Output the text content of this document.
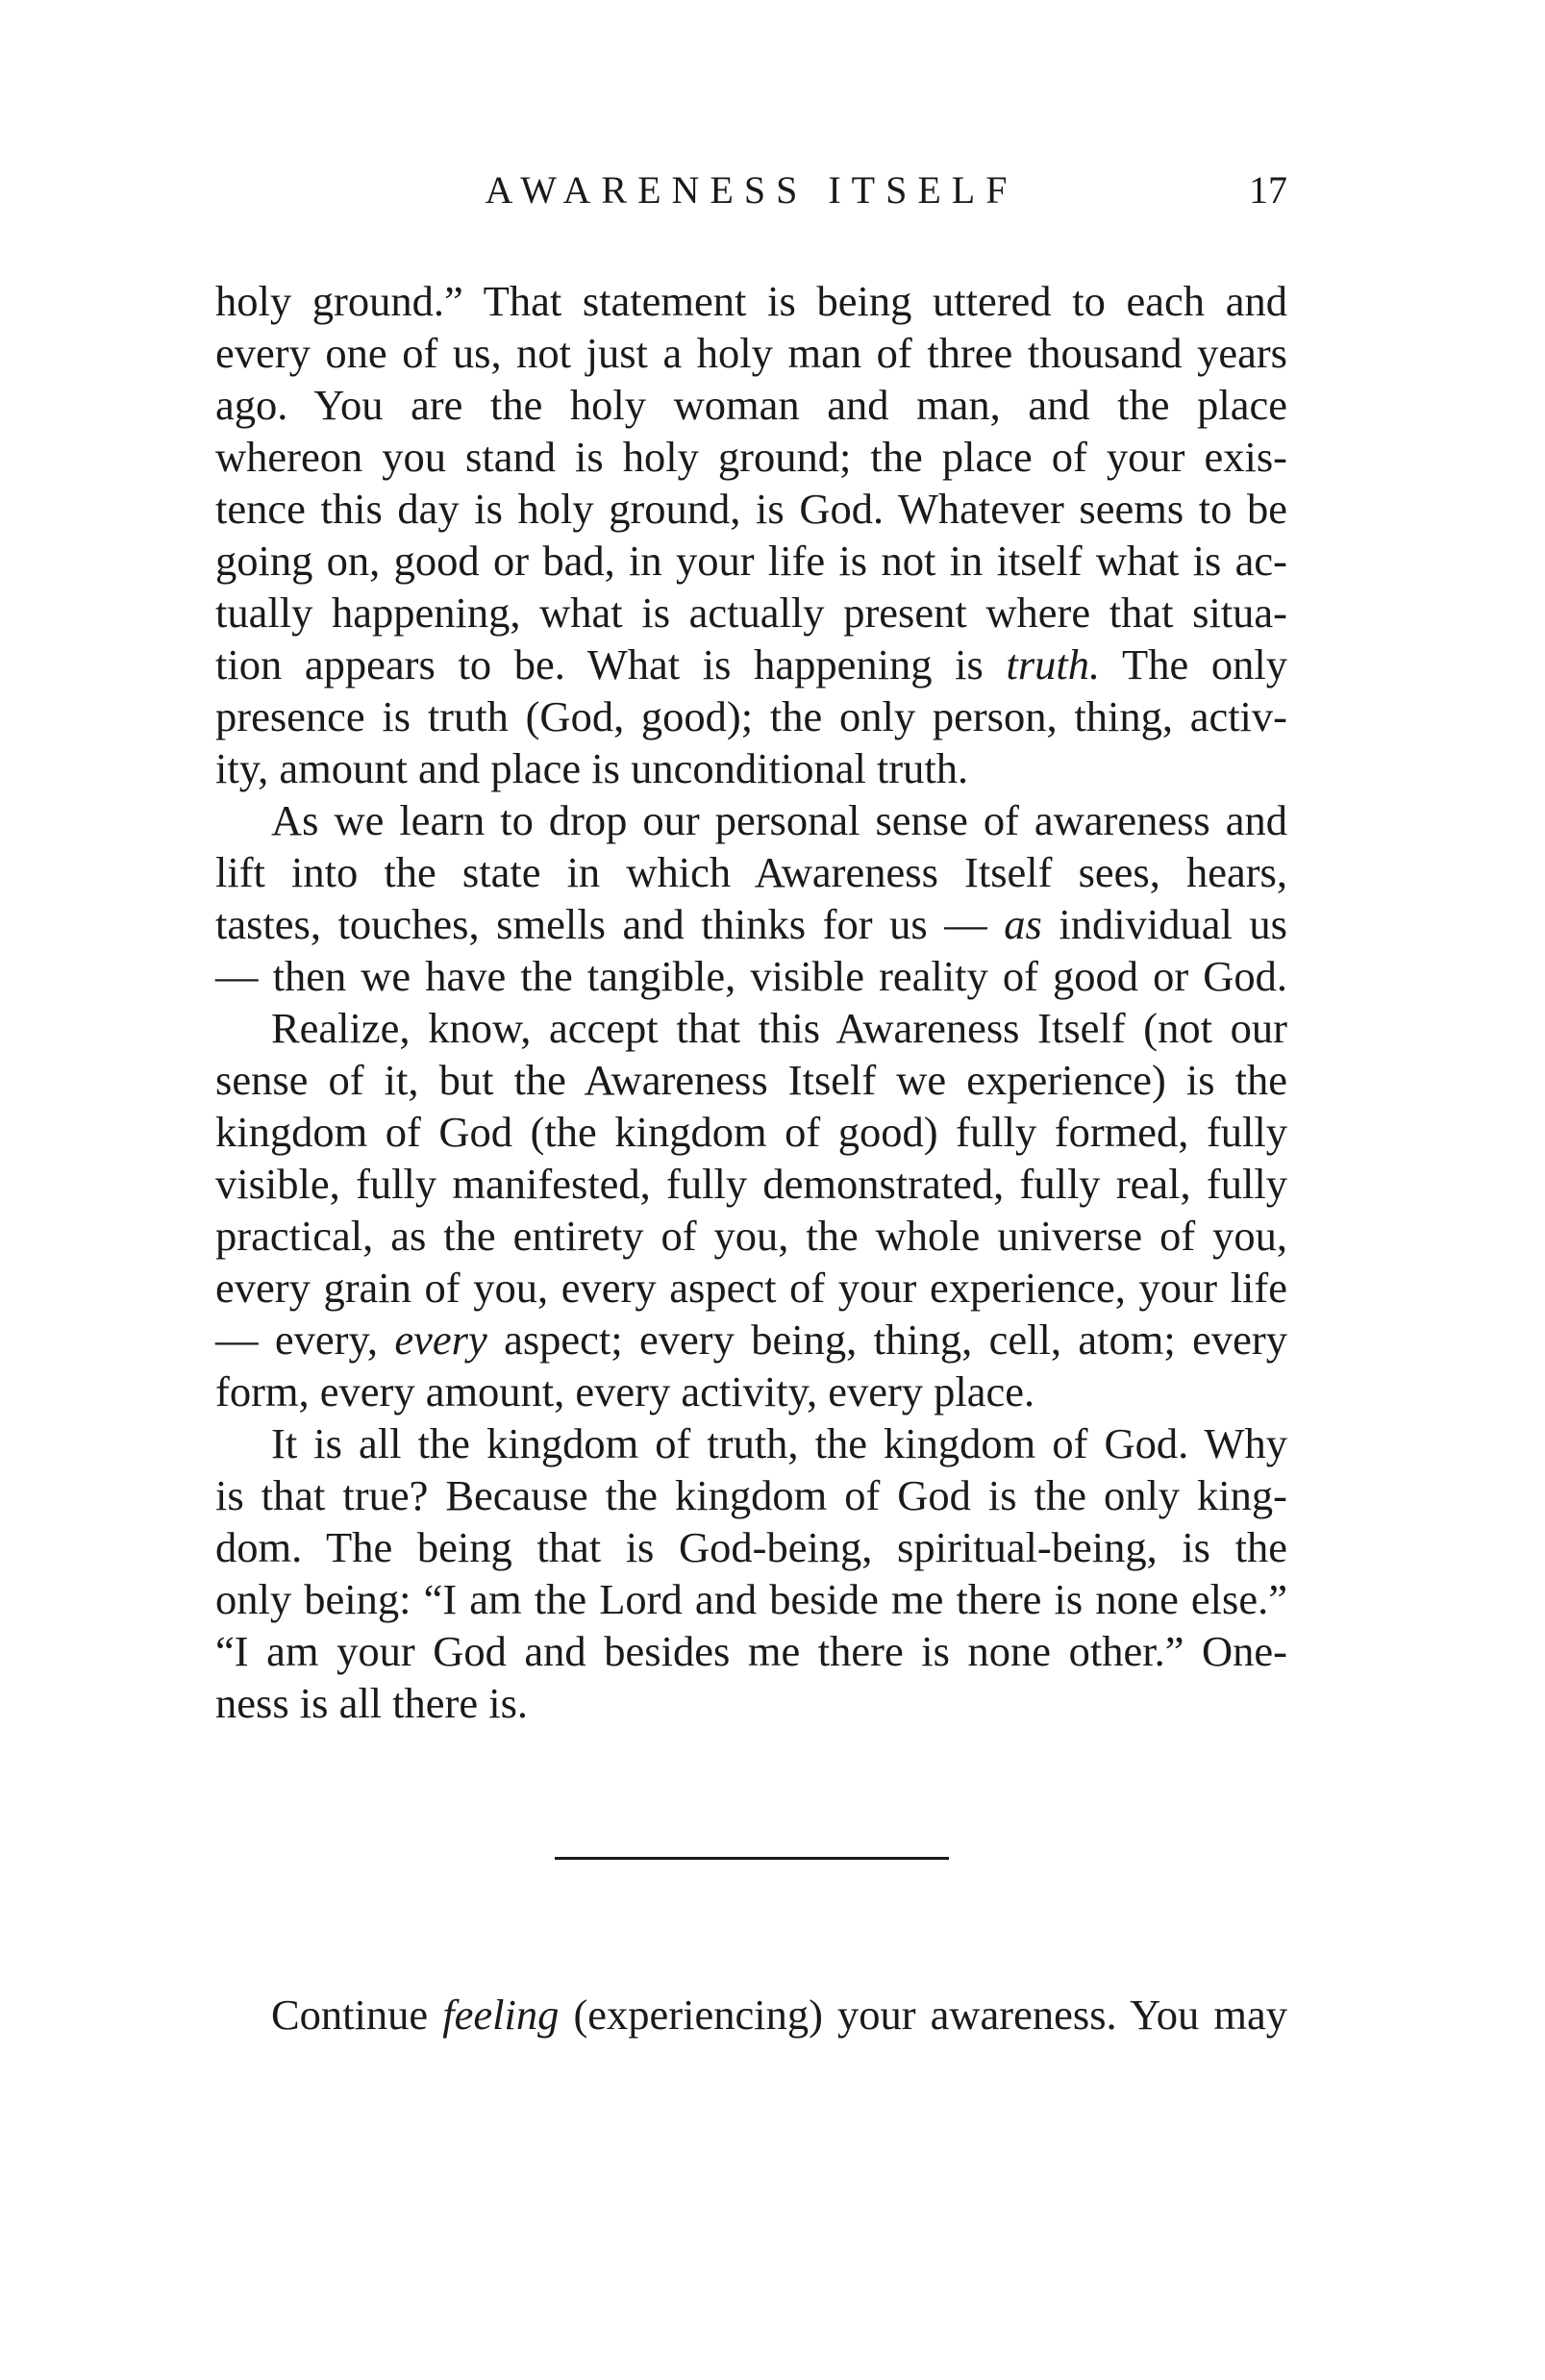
AWARENESS ITSELF	17

holy ground.” That statement is being uttered to each and
every one of us, not just a holy man of three thousand years
ago. You are the holy woman and man, and the place
whereon you stand is holy ground; the place of your exis-
tence this day is holy ground, is God. Whatever seems to be
going on, good or bad, in your life is not in itself what is ac-
tually happening, what is actually present where that situa-
tion appears to be. What is happening is truth. The only
presence is truth (God, good); the only person, thing, activ-
ity, amount and place is unconditional truth.

As we learn to drop our personal sense of awareness and
lift into the state in which Awareness Itself sees, hears,
tastes, touches, smells and thinks for us — as individual us
— then we have the tangible, visible reality of good or God.

Realize, know, accept that this Awareness Itself (not our
sense of it, but the Awareness Itself we experience) is the
kingdom of God (the kingdom of good) fully formed, fully
visible, fully manifested, fully demonstrated, fully real, fully
practical, as the entirety of you, the whole universe of you,
every grain of you, every aspect of your experience, your life
— every, every aspect; every being, thing, cell, atom; every
form, every amount, every activity, every place.

It is all the kingdom of truth, the kingdom of God. Why
is that true? Because the kingdom of God is the only king-
dom. The being that is God-being, spiritual-being, is the
only being: “I am the Lord and beside me there is none else.”
“I am your God and besides me there is none other.” One-
ness is all there is.

Continue feeling (experiencing) your awareness. You may
